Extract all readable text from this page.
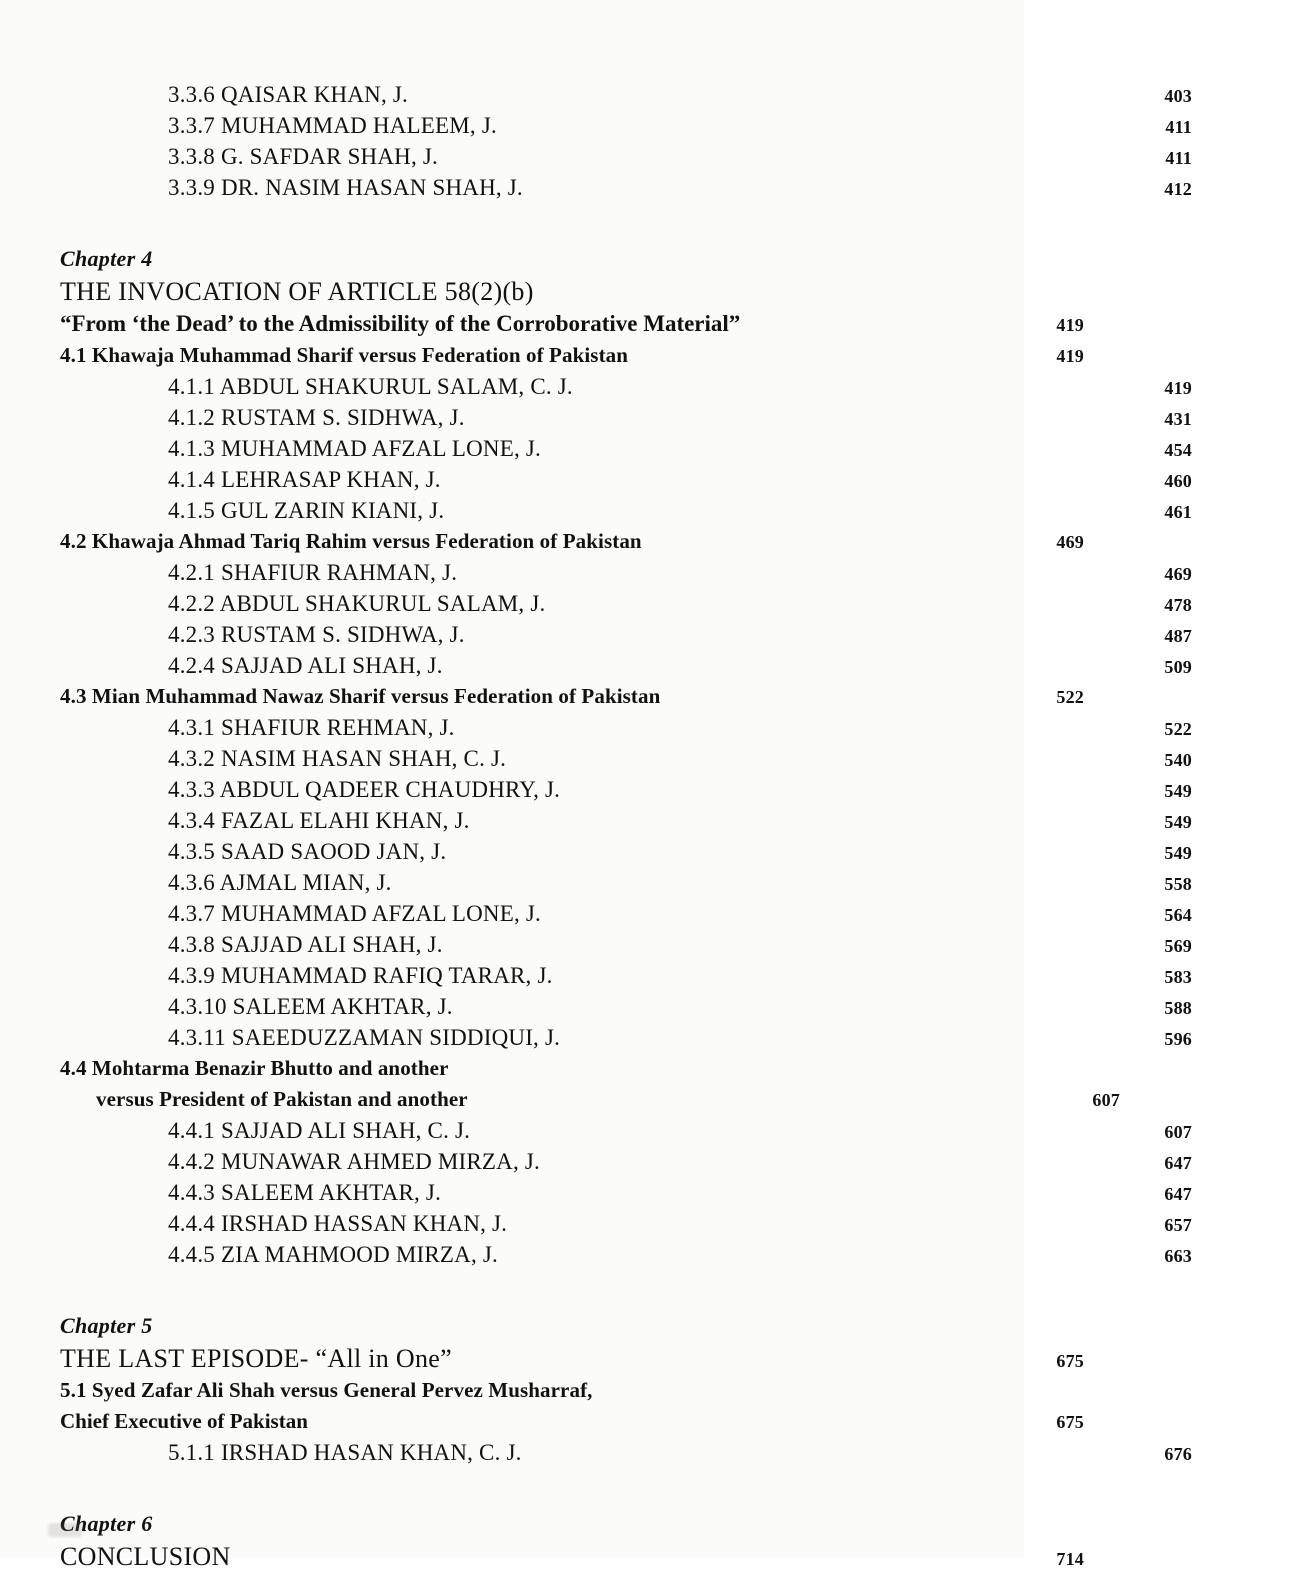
3.3.6 QAISAR KHAN, J.	403
3.3.7 MUHAMMAD HALEEM, J.	411
3.3.8 G. SAFDAR SHAH, J.	411
3.3.9 DR. NASIM HASAN SHAH, J.	412
Chapter 4
THE INVOCATION OF ARTICLE 58(2)(b)
“From ‘the Dead’ to the Admissibility of the Corroborative Material”	419
4.1 Khawaja Muhammad Sharif versus Federation of Pakistan	419
4.1.1 ABDUL SHAKURUL SALAM, C. J.	419
4.1.2 RUSTAM S. SIDHWA, J.	431
4.1.3 MUHAMMAD AFZAL LONE, J.	454
4.1.4 LEHRASAP KHAN, J.	460
4.1.5 GUL ZARIN KIANI, J.	461
4.2 Khawaja Ahmad Tariq Rahim versus Federation of Pakistan	469
4.2.1 SHAFIUR RAHMAN, J.	469
4.2.2 ABDUL SHAKURUL SALAM, J.	478
4.2.3 RUSTAM S. SIDHWA, J.	487
4.2.4 SAJJAD ALI SHAH, J.	509
4.3 Mian Muhammad Nawaz Sharif versus Federation of Pakistan	522
4.3.1 SHAFIUR REHMAN, J.	522
4.3.2 NASIM HASAN SHAH, C. J.	540
4.3.3 ABDUL QADEER CHAUDHRY, J.	549
4.3.4 FAZAL ELAHI KHAN, J.	549
4.3.5 SAAD SAOOD JAN, J.	549
4.3.6 AJMAL MIAN, J.	558
4.3.7 MUHAMMAD AFZAL LONE, J.	564
4.3.8 SAJJAD ALI SHAH, J.	569
4.3.9 MUHAMMAD RAFIQ TARAR, J.	583
4.3.10 SALEEM AKHTAR, J.	588
4.3.11 SAEEDUZZAMAN SIDDIQUI, J.	596
4.4 Mohtarma Benazir Bhutto and another
versus President of Pakistan and another	607
4.4.1 SAJJAD ALI SHAH, C. J.	607
4.4.2 MUNAWAR AHMED MIRZA, J.	647
4.4.3 SALEEM AKHTAR, J.	647
4.4.4 IRSHAD HASSAN KHAN, J.	657
4.4.5 ZIA MAHMOOD MIRZA, J.	663
Chapter 5
THE LAST EPISODE- “All in One”	675
5.1 Syed Zafar Ali Shah versus General Pervez Musharraf,
Chief Executive of Pakistan	675
5.1.1 IRSHAD HASAN KHAN, C. J.	676
Chapter 6
CONCLUSION	714
